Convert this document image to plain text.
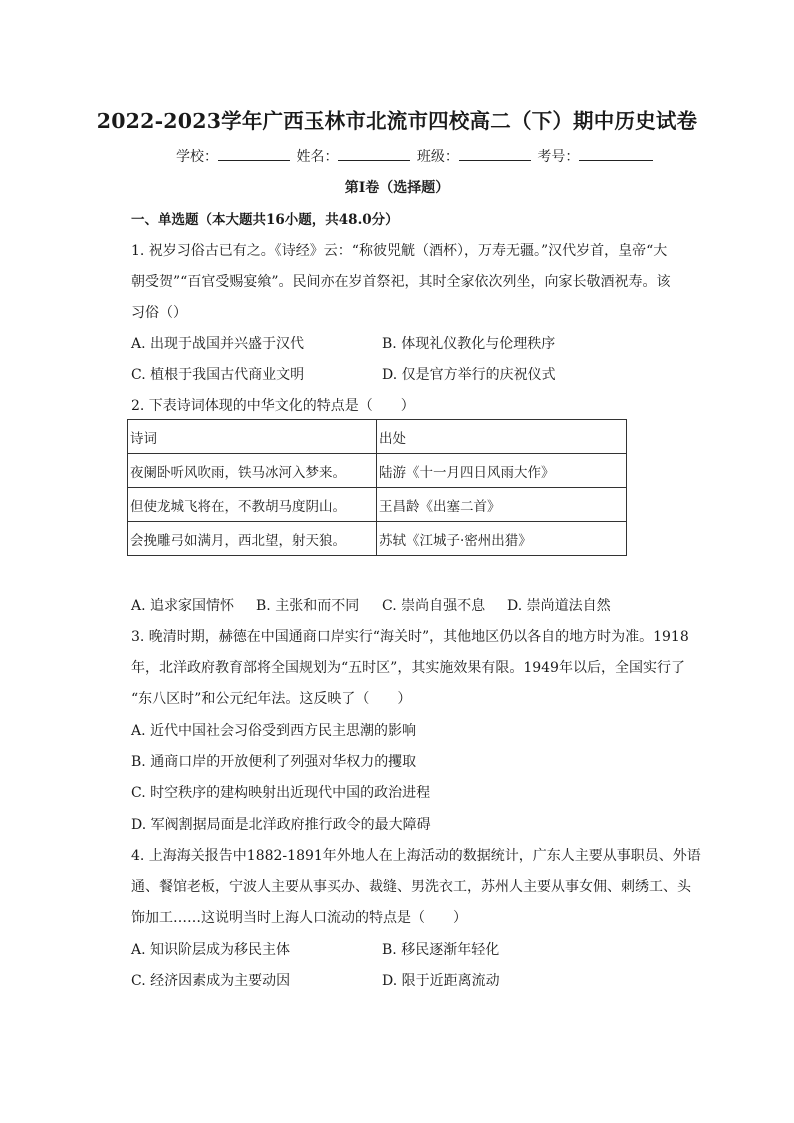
2022-2023学年广西玉林市北流市四校高二（下）期中历史试卷
学校：	姓名：	班级：	考号：
第I卷（选择题）
一、单选题（本大题共16小题，共48.0分）
1. 祝岁习俗古已有之。《诗经》云：“称彼兕觥（酒杯），万寿无疆。”汉代岁首，皇帝“大
朝受贺”“百官受赐宴飨”。民间亦在岁首祭祀，其时全家依次列坐，向家长敬酒祝寿。该
习俗（）
A. 出现于战国并兴盛于汉代	B. 体现礼仪教化与伦理秩序
C. 植根于我国古代商业文明	D. 仅是官方举行的庆祝仪式
2. 下表诗词体现的中华文化的特点是（　　）
诗词	出处
夜阑卧听风吹雨，铁马冰河入梦来。	陆游《十一月四日风雨大作》
但使龙城飞将在，不教胡马度阴山。	王昌龄《出塞二首》
会挽雕弓如满月，西北望，射天狼。	苏轼《江城子·密州出猎》
A. 追求家国情怀 B. 主张和而不同 C. 崇尚自强不息 D. 崇尚道法自然
3. 晚清时期，赫德在中国通商口岸实行“海关时”，其他地区仍以各自的地方时为准。1918
年，北洋政府教育部将全国规划为“五时区”，其实施效果有限。1949年以后，全国实行了
“东八区时”和公元纪年法。这反映了（　　）
A. 近代中国社会习俗受到西方民主思潮的影响
B. 通商口岸的开放便利了列强对华权力的攫取
C. 时空秩序的建构映射出近现代中国的政治进程
D. 军阀割据局面是北洋政府推行政令的最大障碍
4. 上海海关报告中1882-1891年外地人在上海活动的数据统计，广东人主要从事职员、外语
通、餐馆老板，宁波人主要从事买办、裁缝、男洗衣工，苏州人主要从事女佣、刺绣工、头
饰加工……这说明当时上海人口流动的特点是（　　）
A. 知识阶层成为移民主体	B. 移民逐渐年轻化
C. 经济因素成为主要动因	D. 限于近距离流动
